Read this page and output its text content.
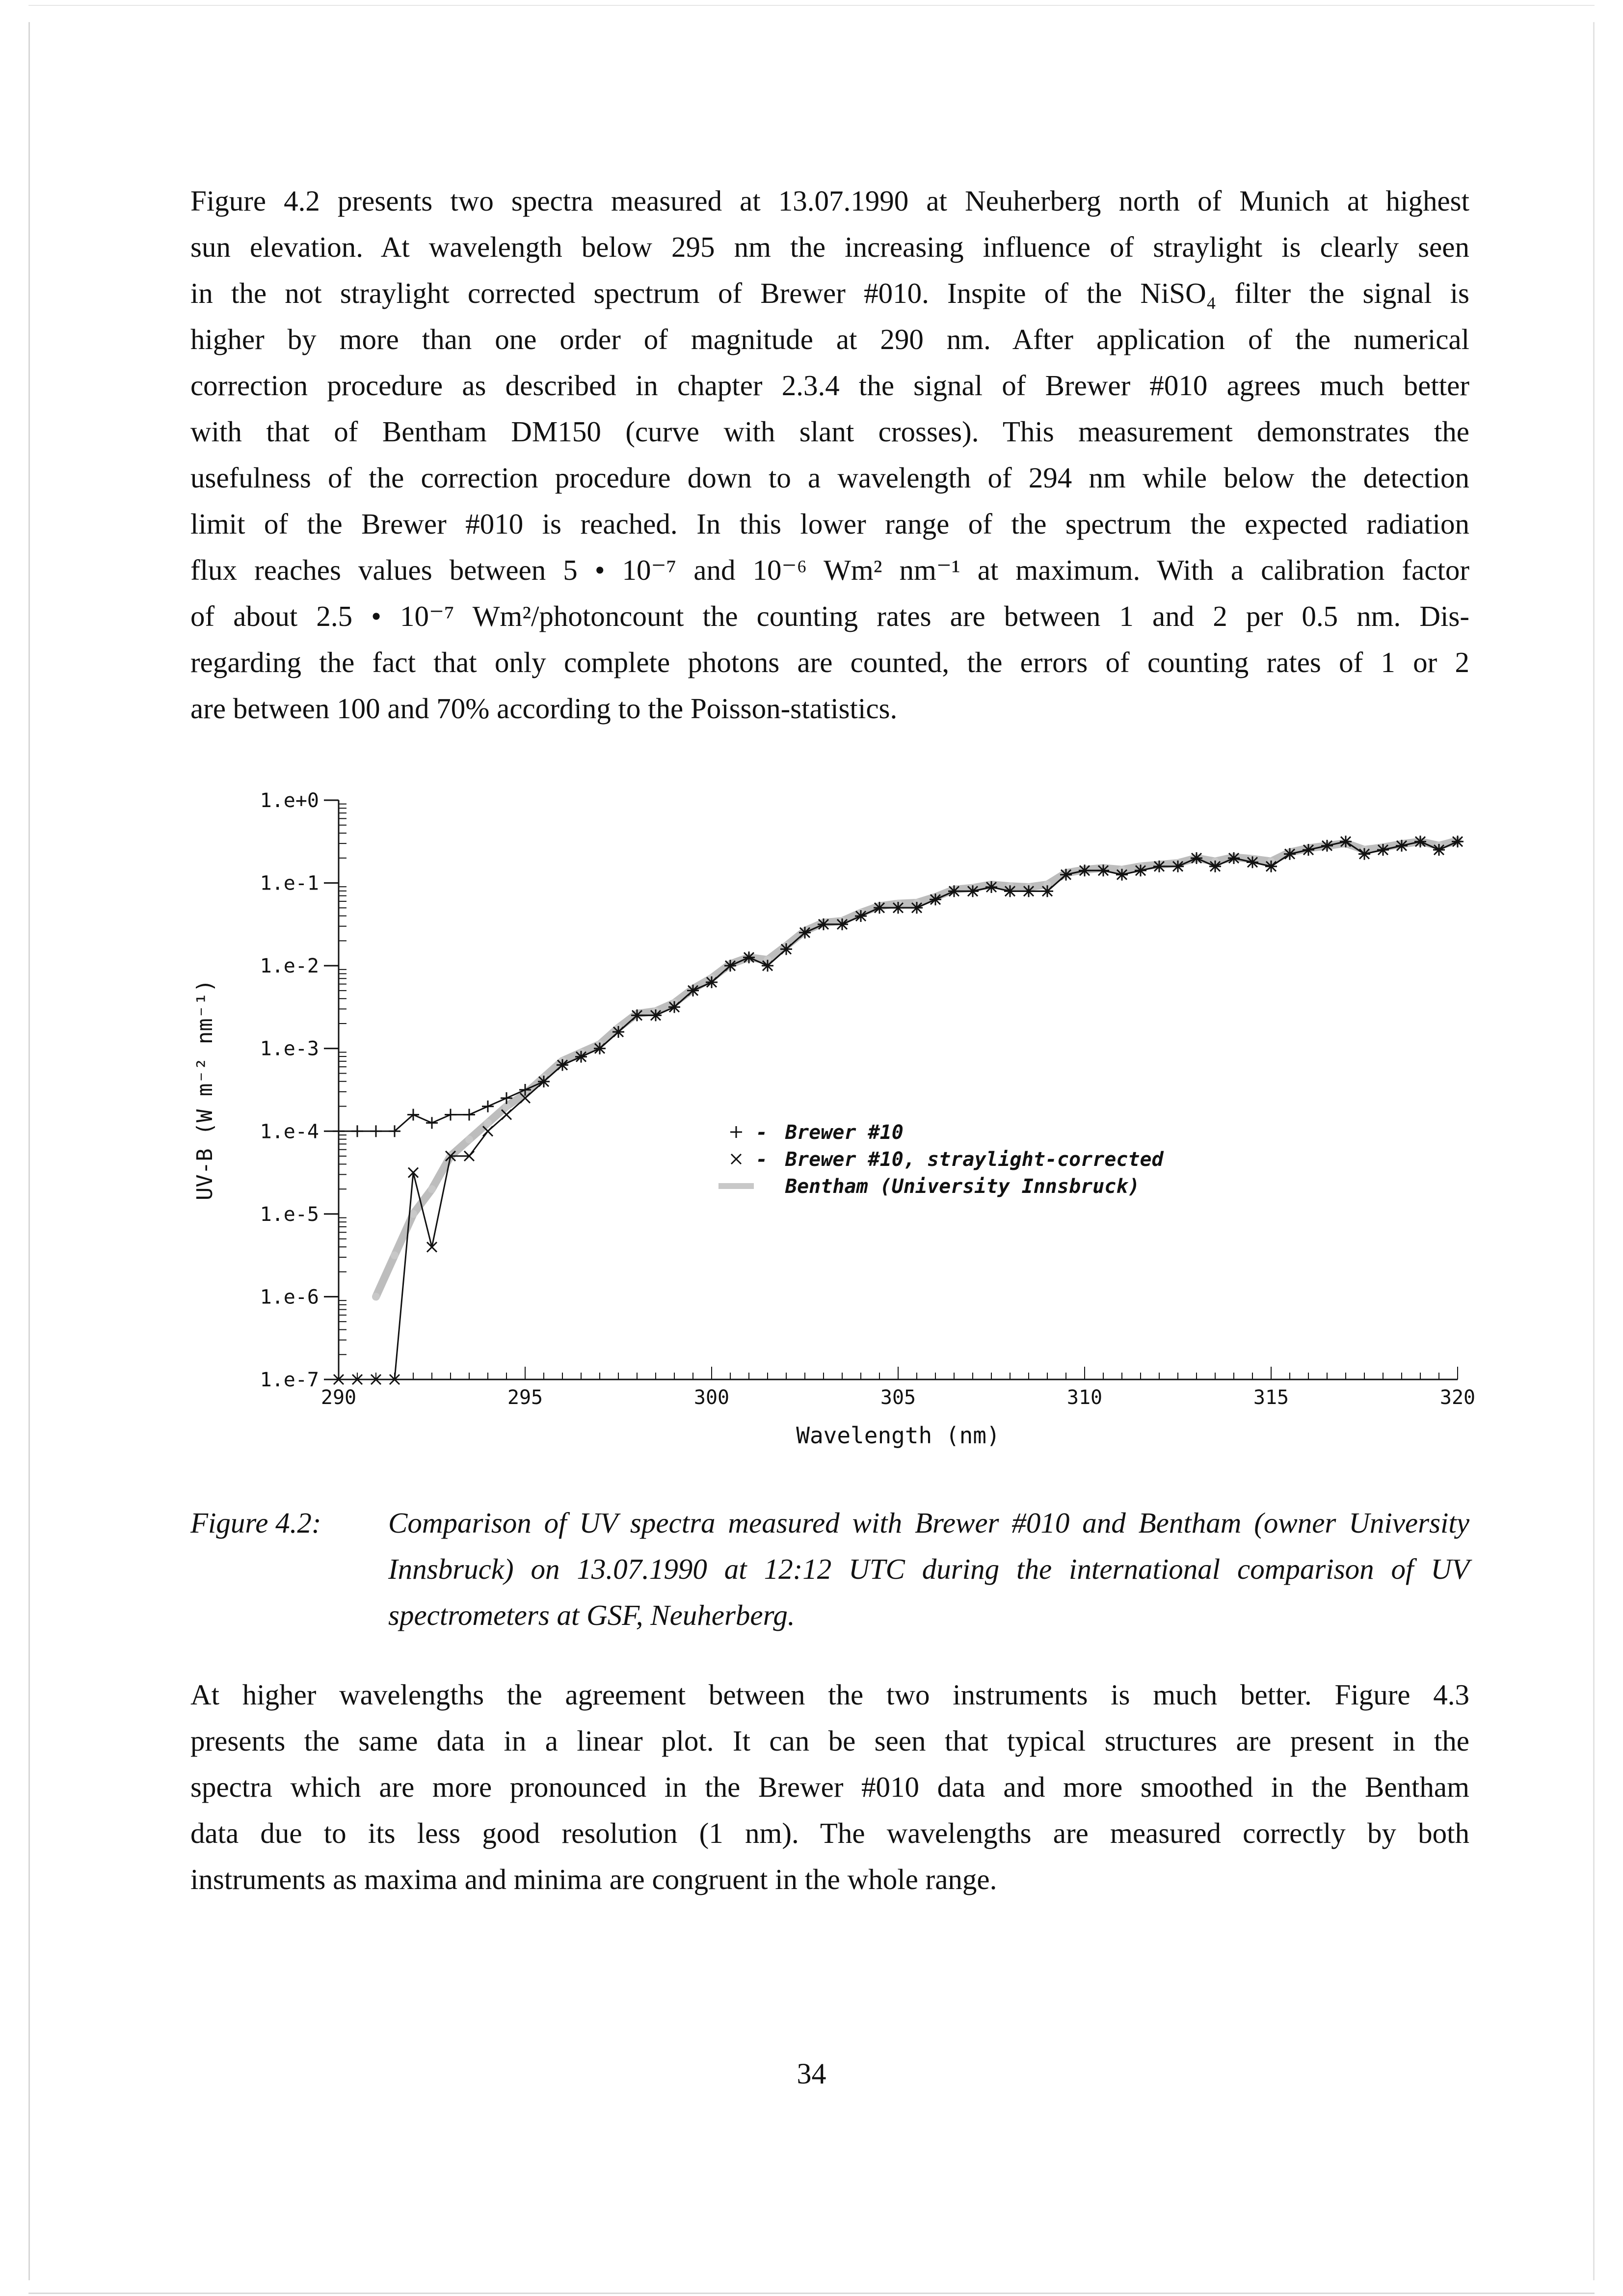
Figure 4.2 presents two spectra measured at 13.07.1990 at Neuherberg north of Munich at highest
sun elevation. At wavelength below 295 nm the increasing influence of straylight is clearly seen
in the not straylight corrected spectrum of Brewer #010. Inspite of the NiSO₄ filter the signal is
higher by more than one order of magnitude at 290 nm. After application of the numerical
correction procedure as described in chapter 2.3.4 the signal of Brewer #010 agrees much better
with that of Bentham DM150 (curve with slant crosses). This measurement demonstrates the
usefulness of the correction procedure down to a wavelength of 294 nm while below the detection
limit of the Brewer #010 is reached. In this lower range of the spectrum the expected radiation
flux reaches values between 5 • 10⁻⁷ and 10⁻⁶ Wm² nm⁻¹ at maximum. With a calibration factor
of about 2.5 • 10⁻⁷ Wm²/photoncount the counting rates are between 1 and 2 per 0.5 nm. Dis-
regarding the fact that only complete photons are counted, the errors of counting rates of 1 or 2
are between 100 and 70% according to the Poisson-statistics.
UV-B (W m⁻² nm⁻¹)
1.e+0
1.e-1
1.e-2
1.e-3
1.e-4
1.e-5
1.e-6
1.e-7
290	295	300	305	310	315	320
- Brewer #10
- Brewer #10, straylight-corrected
Bentham (University Innsbruck)
Wavelength (nm)
Figure 4.2: Comparison of UV spectra measured with Brewer #010 and Bentham (owner University
Innsbruck) on 13.07.1990 at 12:12 UTC during the international comparison of UV
spectrometers at GSF, Neuherberg.
At higher wavelengths the agreement between the two instruments is much better. Figure 4.3
presents the same data in a linear plot. It can be seen that typical structures are present in the
spectra which are more pronounced in the Brewer #010 data and more smoothed in the Bentham
data due to its less good resolution (1 nm). The wavelengths are measured correctly by both
instruments as maxima and minima are congruent in the whole range.
34
